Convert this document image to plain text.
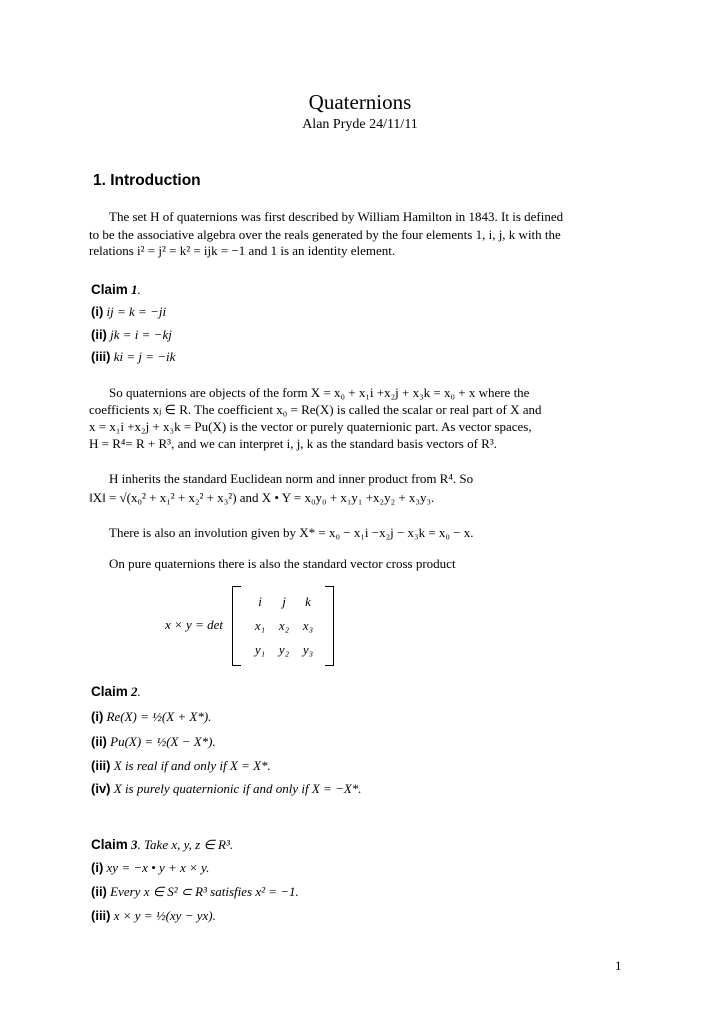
Quaternions
Alan Pryde 24/11/11
1. Introduction
The set H of quaternions was first described by William Hamilton in 1843. It is defined
to be the associative algebra over the reals generated by the four elements 1, i, j, k with the
relations i² = j² = k² = ijk = −1 and 1 is an identity element.
Claim 1.
(i) ij = k = −ji
(ii) jk = i = −kj
(iii) ki = j = −ik
So quaternions are objects of the form X = x₀ + x₁i +x₂j + x₃k = x₀ + x where the
coefficients xⱼ ∈ R. The coefficient x₀ = Re(X) is called the scalar or real part of X and
x = x₁i +x₂j + x₃k = Pu(X) is the vector or purely quaternionic part. As vector spaces,
H = R⁴= R + R³, and we can interpret i, j, k as the standard basis vectors of R³.
H inherits the standard Euclidean norm and inner product from R⁴. So
‖X‖ = √(x₀² + x₁² + x₂² + x₃²) and X • Y = x₀y₀ + x₁y₁ +x₂y₂ + x₃y₃.
There is also an involution given by X* = x₀ − x₁i −x₂j − x₃k = x₀ − x.
On pure quaternions there is also the standard vector cross product
x × y = det
i	j	k
x₁	x₂	x₃
y₁	y₂	y₃
Claim 2.
(i) Re(X) = ½(X + X*).
(ii) Pu(X) = ½(X − X*).
(iii) X is real if and only if X = X*.
(iv) X is purely quaternionic if and only if X = −X*.
Claim 3. Take x, y, z ∈ R³.
(i) xy = −x • y + x × y.
(ii) Every x ∈ S² ⊂ R³ satisfies x² = −1.
(iii) x × y = ½(xy − yx).
1
